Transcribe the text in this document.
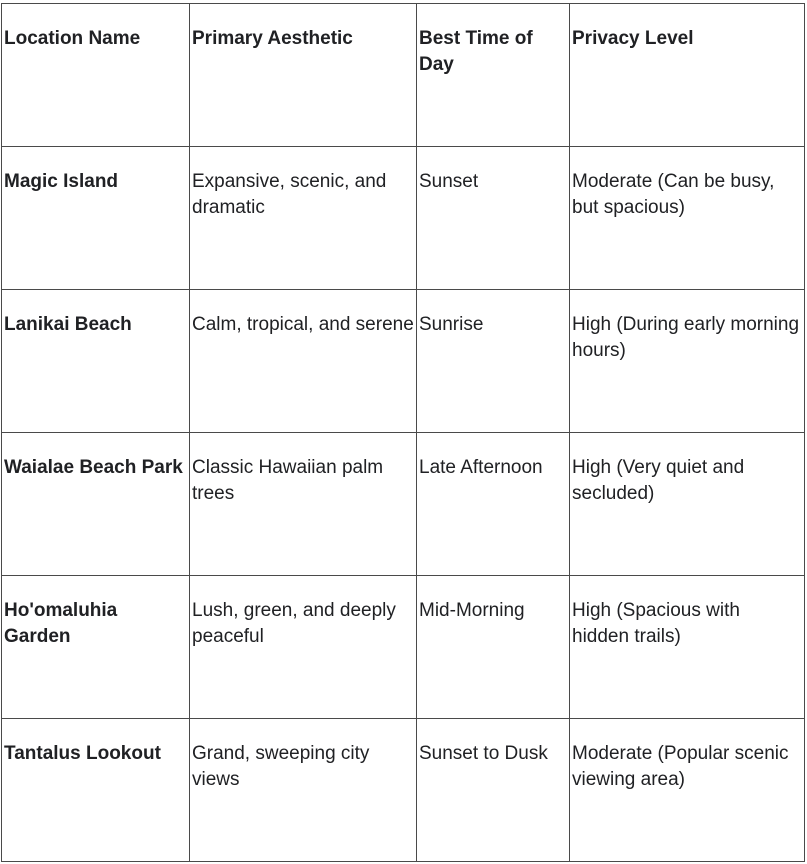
Location Name	Primary Aesthetic	Best Time of Day	Privacy Level
Magic Island	Expansive, scenic, and dramatic	Sunset	Moderate (Can be busy, but spacious)
Lanikai Beach	Calm, tropical, and serene	Sunrise	High (During early morning hours)
Waialae Beach Park	Classic Hawaiian palm trees	Late Afternoon	High (Very quiet and secluded)
Ho'omaluhia Garden	Lush, green, and deeply peaceful	Mid-Morning	High (Spacious with hidden trails)
Tantalus Lookout	Grand, sweeping city views	Sunset to Dusk	Moderate (Popular scenic viewing area)
